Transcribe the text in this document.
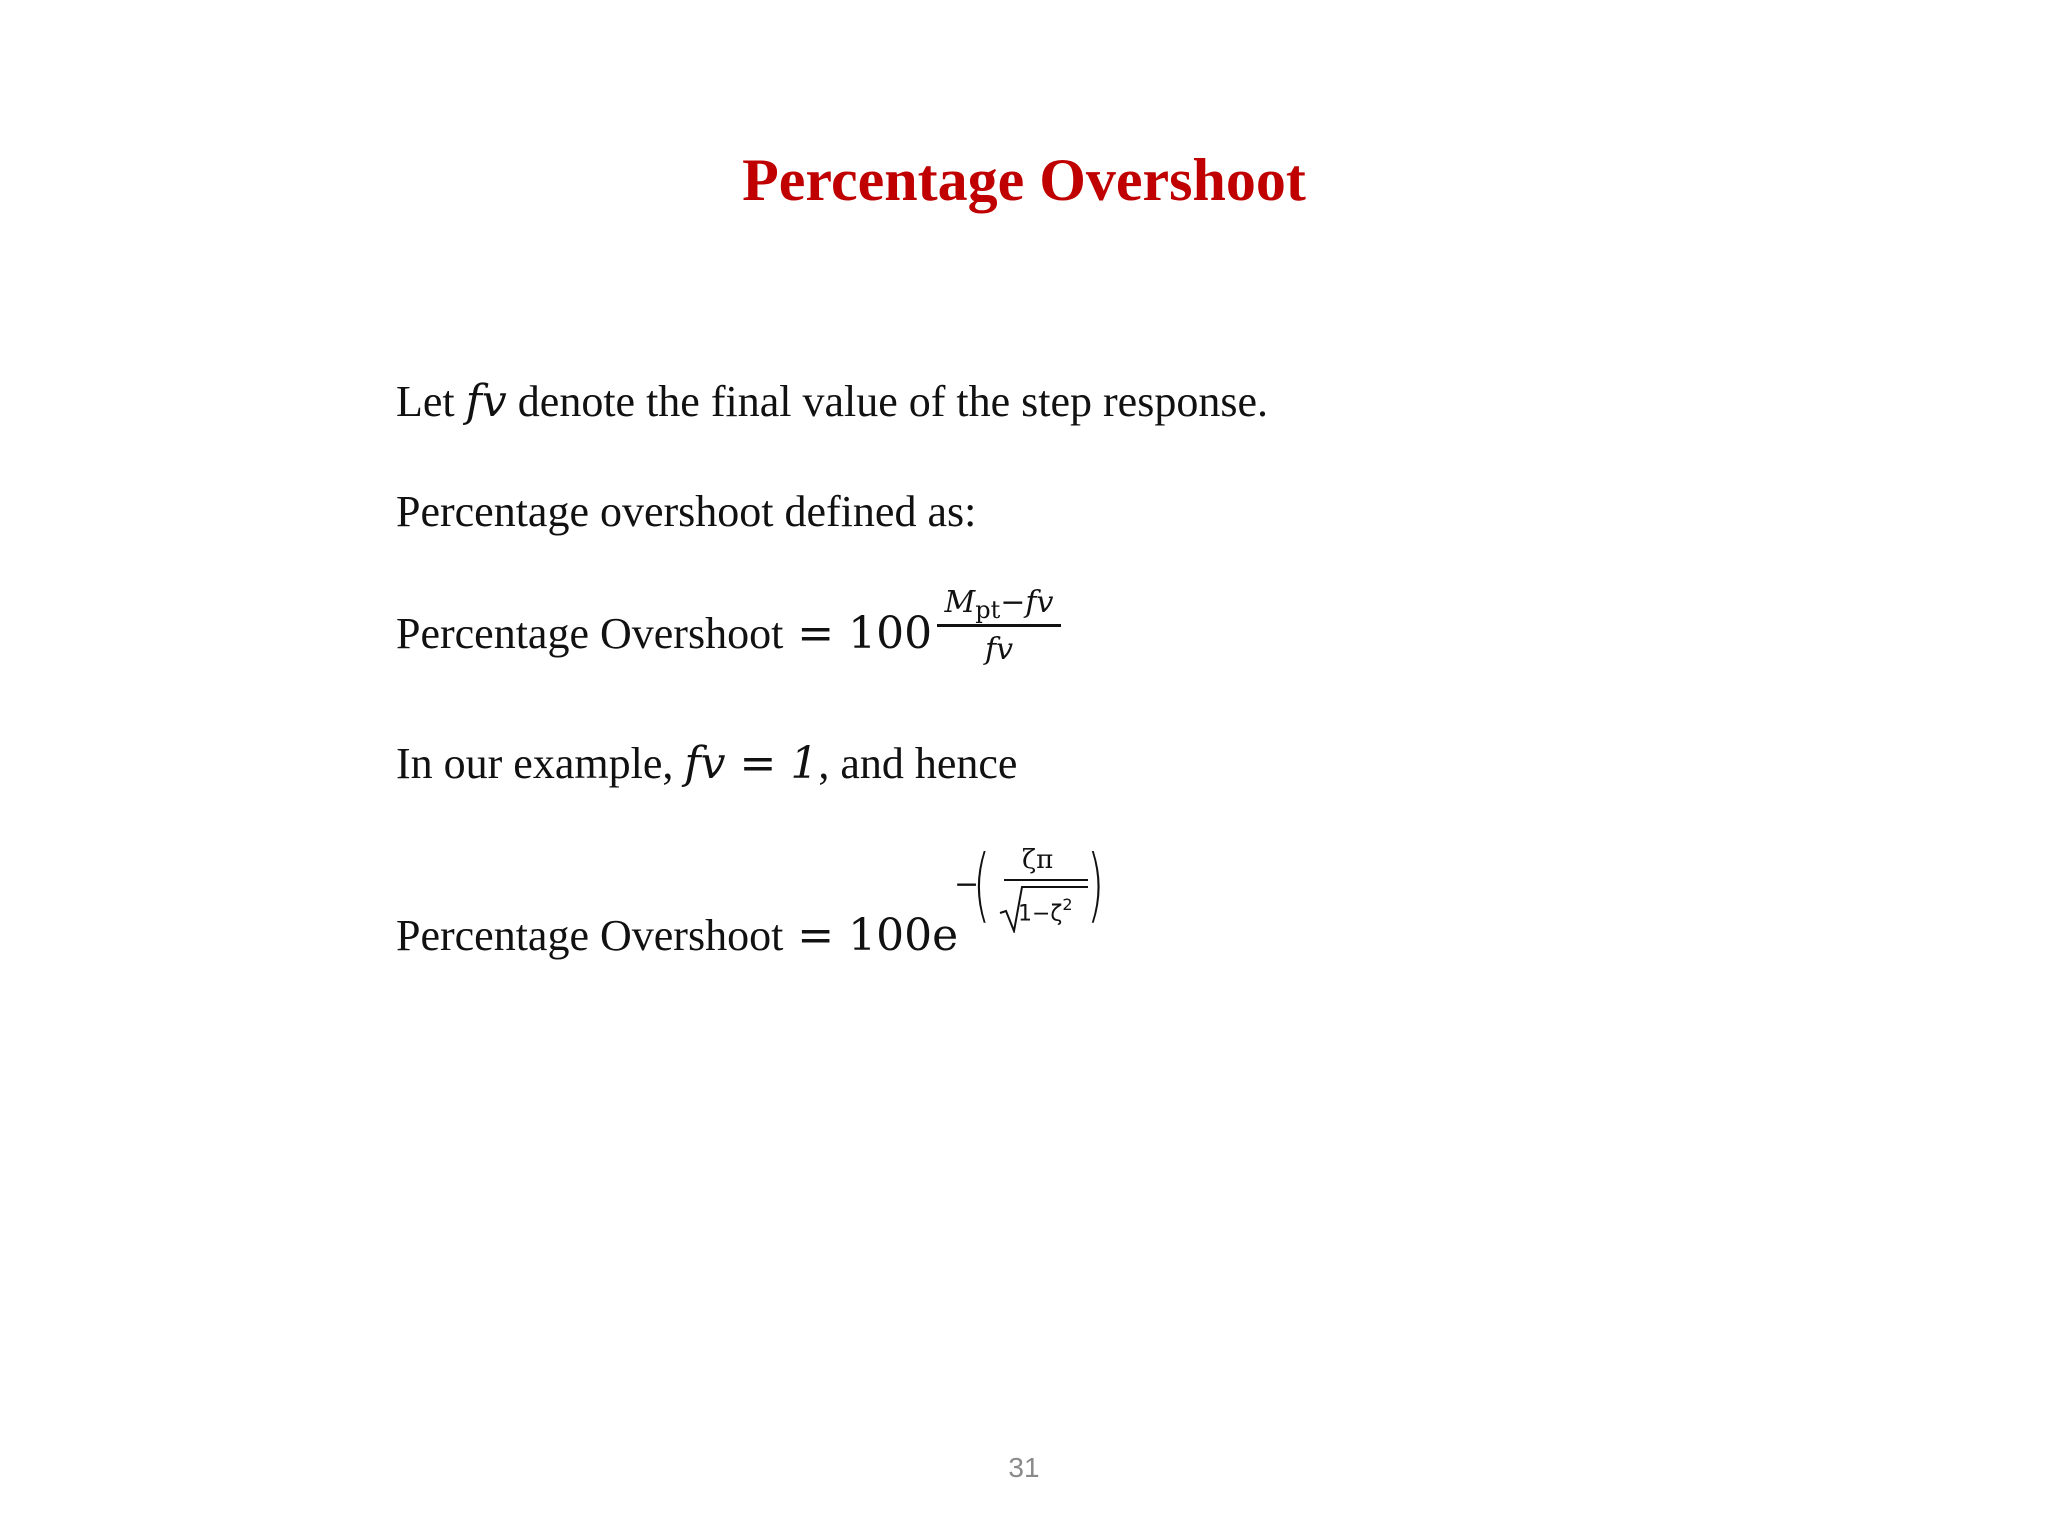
Percentage Overshoot
Let fv denote the final value of the step response.
Percentage overshoot defined as:
Percentage Overshoot = 100
$M_{pt}-fv$
fv
In our example, fv = 1, and hence
Percentage Overshoot = 100e
−
( ζπ
$1-\zeta^2$ )
31
